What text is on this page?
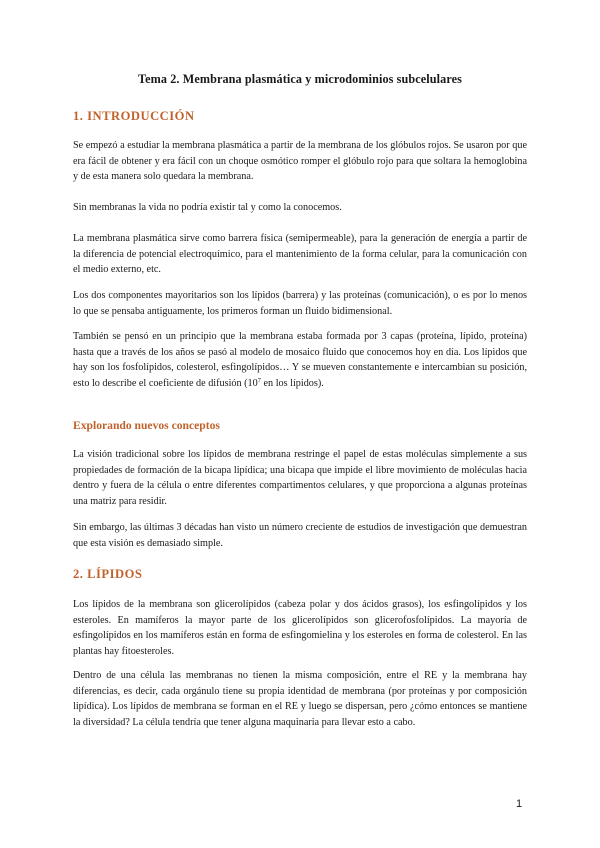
Tema 2. Membrana plasmática y microdominios subcelulares
1. INTRODUCCIÓN

Se empezó a estudiar la membrana plasmática a partir de la membrana de los glóbulos rojos. Se usaron por que era fácil de obtener y era fácil con un choque osmótico romper el glóbulo rojo para que soltara la hemoglobina y de esta manera solo quedara la membrana.

Sin membranas la vida no podría existir tal y como la conocemos.

La membrana plasmática sirve como barrera física (semipermeable), para la generación de energía a partir de la diferencia de potencial electroquímico, para el mantenimiento de la forma celular, para la comunicación con el medio externo, etc.

Los dos componentes mayoritarios son los lípidos (barrera) y las proteínas (comunicación), o es por lo menos lo que se pensaba antiguamente, los primeros forman un fluido bidimensional.

También se pensó en un principio que la membrana estaba formada por 3 capas (proteína, lípido, proteína) hasta que a través de los años se pasó al modelo de mosaico fluido que conocemos hoy en día. Los lípidos que hay son los fosfolípidos, colesterol, esfingolípidos… Y se mueven constantemente e intercambian su posición, esto lo describe el coeficiente de difusión ($10^7$ en los lípidos).

Explorando nuevos conceptos

La visión tradicional sobre los lípidos de membrana restringe el papel de estas moléculas simplemente a sus propiedades de formación de la bicapa lipídica; una bicapa que impide el libre movimiento de moléculas hacia dentro y fuera de la célula o entre diferentes compartimentos celulares, y que proporciona a algunas proteínas una matriz para residir.

Sin embargo, las últimas 3 décadas han visto un número creciente de estudios de investigación que demuestran que esta visión es demasiado simple.

2. LÍPIDOS

Los lípidos de la membrana son glicerolípidos (cabeza polar y dos ácidos grasos), los esfingolípidos y los esteroles. En mamíferos la mayor parte de los glicerolípidos son glicerofosfolípidos. La mayoría de esfingolípidos en los mamíferos están en forma de esfingomielina y los esteroles en forma de colesterol. En las plantas hay fitoesteroles.

Dentro de una célula las membranas no tienen la misma composición, entre el RE y la membrana hay diferencias, es decir, cada orgánulo tiene su propia identidad de membrana (por proteínas y por composición lipídica). Los lípidos de membrana se forman en el RE y luego se dispersan, pero ¿cómo entonces se mantiene la diversidad? La célula tendría que tener alguna maquinaria para llevar esto a cabo.

1
